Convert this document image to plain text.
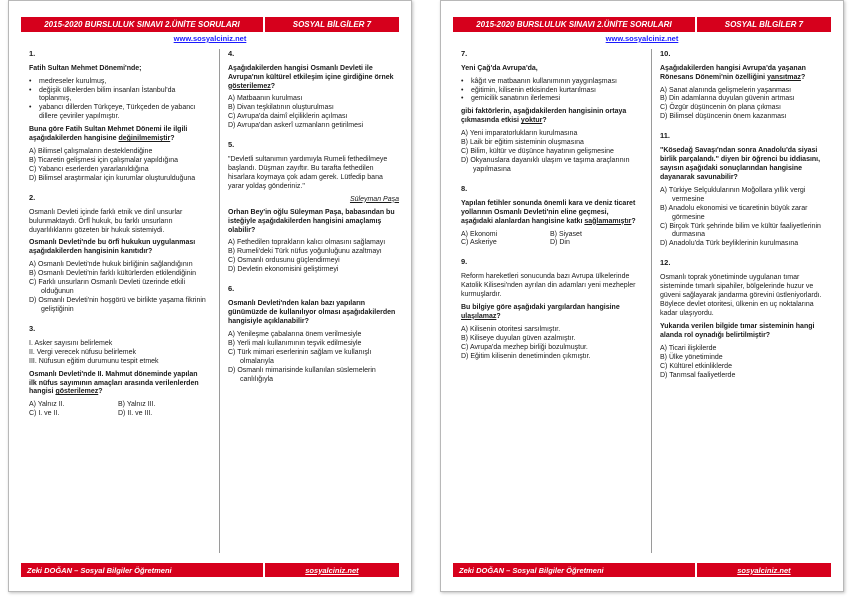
2015-2020 BURSLULUK SINAVI 2.ÜNİTE SORULARI	SOSYAL BİLGİLER 7
www.sosyalciniz.net
1.

Fatih Sultan Mehmet Dönemi'nde;

• medreseler kurulmuş,
• değişik ülkelerden bilim insanları İstanbul'da toplanmış,
• yabancı dillerden Türkçeye, Türkçeden de yabancı dillere çeviriler yapılmıştır.

Buna göre Fatih Sultan Mehmet Dönemi ile ilgili aşağıdakilerden hangisine değinilmemiştir?

A) Bilimsel çalışmaların desteklendiğine
B) Ticaretin gelişmesi için çalışmalar yapıldığına
C) Yabancı eserlerden yararlanıldığına
D) Bilimsel araştırmalar için kurumlar oluşturulduğuna
2.

Osmanlı Devleti içinde farklı etnik ve dinî unsurlar bulunmaktaydı. Örfî hukuk, bu farklı unsurların duyarlılıklarını gözeten bir hukuk sistemiydi.

Osmanlı Devleti'nde bu örfî hukukun uygulanması aşağıdakilerden hangisinin kanıtıdır?

A) Osmanlı Devleti'nde hukuk birliğinin sağlandığının
B) Osmanlı Devleti'nin farklı kültürlerden etkilendiğinin
C) Farklı unsurların Osmanlı Devleti üzerinde etkili olduğunun
D) Osmanlı Devleti'nin hoşgörü ve birlikte yaşama fikrinin geliştiğinin
3.
I. Asker sayısını belirlemek
II. Vergi verecek nüfusu belirlemek
III. Nüfusun eğitim durumunu tespit etmek

Osmanlı Devleti'nde II. Mahmut döneminde yapılan ilk nüfus sayımının amaçları arasında verilenlerden hangisi gösterilemez?

A) Yalnız II.	B) Yalnız III.
C) I. ve II.	D) II. ve III.
4.

Aşağıdakilerden hangisi Osmanlı Devleti ile Avrupa'nın kültürel etkileşim içine girdiğine örnek gösterilemez?

A) Matbaanın kurulması
B) Divan teşkilatının oluşturulması
C) Avrupa'da daimî elçiliklerin açılması
D) Avrupa'dan askerî uzmanların getirilmesi
5.

"Devletli sultanımın yardımıyla Rumeli fethedilmeye başlandı. Düşman zayıftır. Bu tarafta fethedilen hisarlara koymaya çok adam gerek. Lütfedip bana yarar yoldaş gönderiniz."

Süleyman Paşa

Orhan Bey'in oğlu Süleyman Paşa, babasından bu isteğiyle aşağıdakilerden hangisini amaçlamış olabilir?

A) Fethedilen toprakların kalıcı olmasını sağlamayı
B) Rumeli'deki Türk nüfus yoğunluğunu azaltmayı
C) Osmanlı ordusunu güçlendirmeyi
D) Devletin ekonomisini geliştirmeyi
6.

Osmanlı Devleti'nden kalan bazı yapıların günümüzde de kullanılıyor olması aşağıdakilerden hangisiyle açıklanabilir?

A) Yenileşme çabalarına önem verilmesiyle
B) Yerli malı kullanımının teşvik edilmesiyle
C) Türk mimari eserlerinin sağlam ve kullanışlı olmalarıyla
D) Osmanlı mimarisinde kullanılan süslemelerin canlılığıyla
Zeki DOĞAN – Sosyal Bilgiler Öğretmeni	sosyalciniz.net
2015-2020 BURSLULUK SINAVI 2.ÜNİTE SORULARI	SOSYAL BİLGİLER 7
www.sosyalciniz.net
7.

Yeni Çağ'da Avrupa'da,

• kâğıt ve matbaanın kullanımının yaygınlaşması
• eğitimin, kilisenin etkisinden kurtarılması
• gemicilik sanatının ilerlemesi

gibi faktörlerin, aşağıdakilerden hangisinin ortaya çıkmasında etkisi yoktur?

A) Yeni imparatorlukların kurulmasına
B) Laik bir eğitim sisteminin oluşmasına
C) Bilim, kültür ve düşünce hayatının gelişmesine
D) Okyanuslara dayanıklı ulaşım ve taşıma araçlarının yapılmasına
8.

Yapılan fetihler sonunda önemli kara ve deniz ticaret yollarının Osmanlı Devleti'nin eline geçmesi, aşağıdaki alanlardan hangisine katkı sağlamamıştır?

A) Ekonomi	B) Siyaset
C) Askeriye	D) Din
9.

Reform hareketleri sonucunda bazı Avrupa ülkelerinde Katolik Kilisesi'nden ayrılan din adamları yeni mezhepler kurmuşlardır.

Bu bilgiye göre aşağıdaki yargılardan hangisine ulaşılamaz?

A) Kilisenin otoritesi sarsılmıştır.
B) Kiliseye duyulan güven azalmıştır.
C) Avrupa'da mezhep birliği bozulmuştur.
D) Eğitim kilisenin denetiminden çıkmıştır.
10.

Aşağıdakilerden hangisi Avrupa'da yaşanan Rönesans Dönemi'nin özelliğini yansıtmaz?

A) Sanat alanında gelişmelerin yaşanması
B) Din adamlarına duyulan güvenin artması
C) Özgür düşüncenin ön plana çıkması
D) Bilimsel düşüncenin önem kazanması
11.

"Kösedağ Savaşı'ndan sonra Anadolu'da siyasi birlik parçalandı." diyen bir öğrenci bu iddiasını, sayısın aşağıdaki sonuçlarından hangisine dayanarak savunabilir?

A) Türkiye Selçuklularının Moğollara yıllık vergi vermesine
B) Anadolu ekonomisi ve ticaretinin büyük zarar görmesine
C) Birçok Türk şehrinde bilim ve kültür faaliyetlerinin durmasına
D) Anadolu'da Türk beyliklerinin kurulmasına
12.

Osmanlı toprak yönetiminde uygulanan tımar sisteminde tımarlı sipahiler, bölgelerinde huzur ve güveni sağlayarak jandarma görevini üstleniyorlardı. Böylece devlet otoritesi, ülkenin en uç noktalarına kadar ulaşıyordu.

Yukarıda verilen bilgide tımar sisteminin hangi alanda rol oynadığı belirtilmiştir?

A) Ticari ilişkilerde
B) Ülke yönetiminde
C) Kültürel etkinliklerde
D) Tarımsal faaliyetlerde
Zeki DOĞAN – Sosyal Bilgiler Öğretmeni	sosyalciniz.net
